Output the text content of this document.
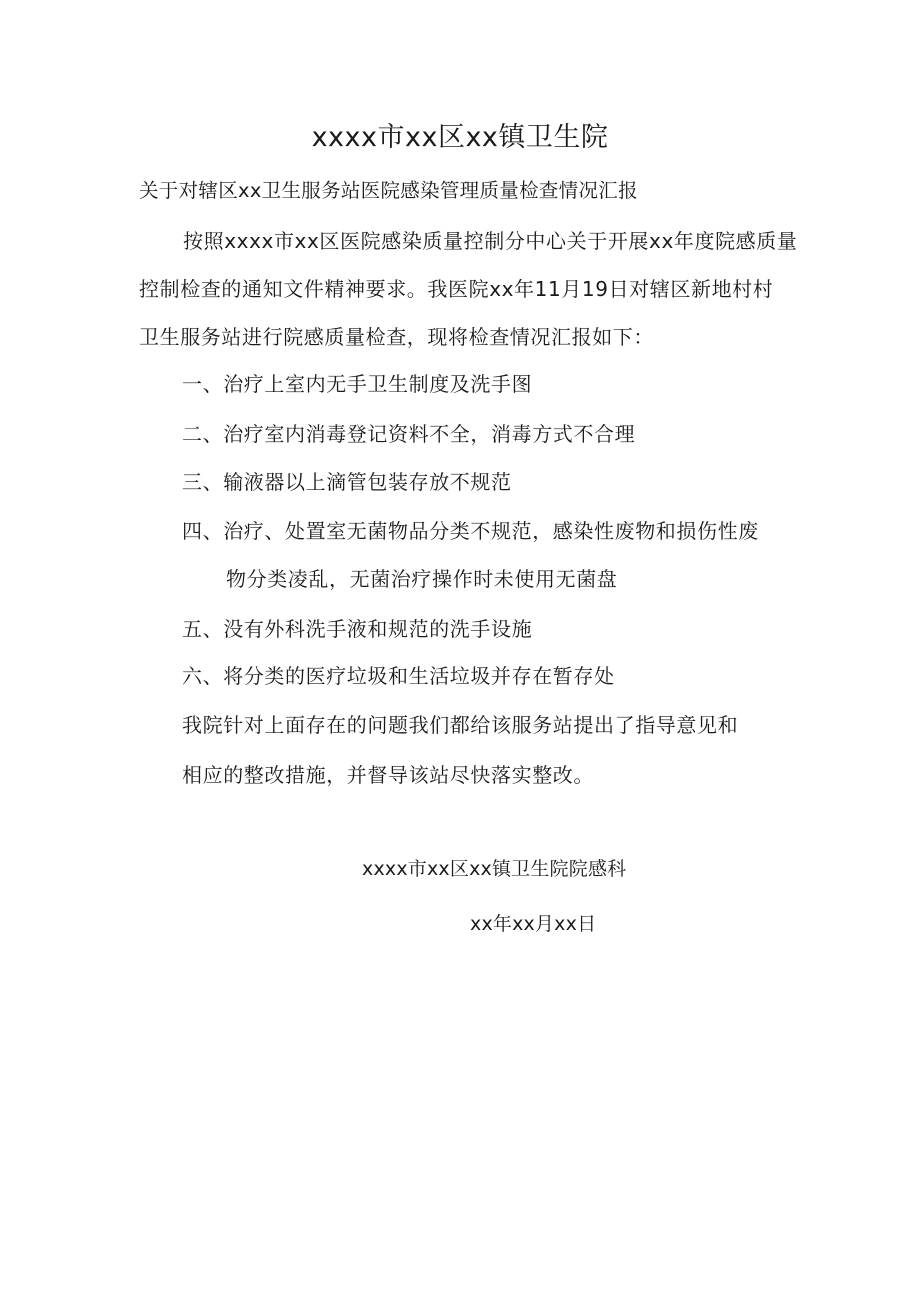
xxxx市xx区xx镇卫生院
关于对辖区xx卫生服务站医院感染管理质量检查情况汇报
按照xxxx市xx区医院感染质量控制分中心关于开展xx年度院感质量
控制检查的通知文件精神要求。我医院xx年11月19日对辖区新地村村
卫生服务站进行院感质量检查，现将检查情况汇报如下：
一、治疗上室内无手卫生制度及洗手图
二、治疗室内消毒登记资料不全，消毒方式不合理
三、输液器以上滴管包装存放不规范
四、治疗、处置室无菌物品分类不规范，感染性废物和损伤性废
物分类凌乱，无菌治疗操作时未使用无菌盘
五、没有外科洗手液和规范的洗手设施
六、将分类的医疗垃圾和生活垃圾并存在暂存处
我院针对上面存在的问题我们都给该服务站提出了指导意见和
相应的整改措施，并督导该站尽快落实整改。
xxxx市xx区xx镇卫生院院感科
xx年xx月xx日
